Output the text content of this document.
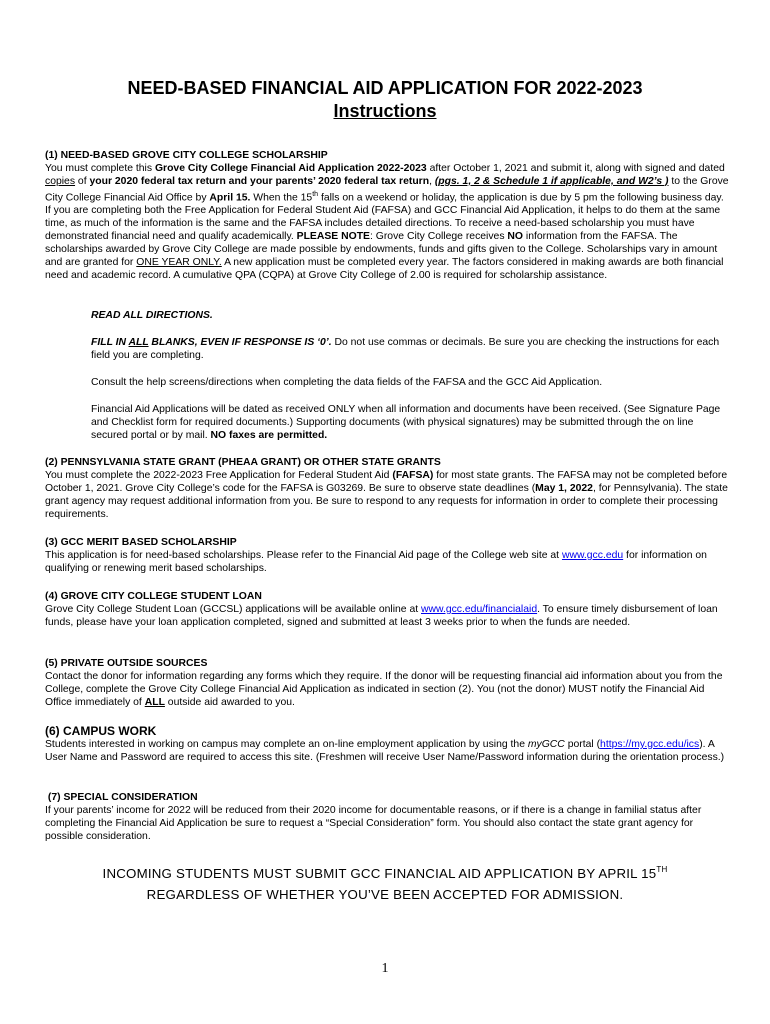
NEED-BASED FINANCIAL AID APPLICATION FOR 2022-2023
Instructions
(1) NEED-BASED GROVE CITY COLLEGE SCHOLARSHIP

You must complete this Grove City College Financial Aid Application 2022-2023 after October 1, 2021 and submit it, along with signed and dated copies of your 2020 federal tax return and your parents’ 2020 federal tax return, (pgs. 1, 2 & Schedule 1 if applicable, and W2’s ) to the Grove City College Financial Aid Office by April 15. When the 15th falls on a weekend or holiday, the application is due by 5 pm the following business day. If you are completing both the Free Application for Federal Student Aid (FAFSA) and GCC Financial Aid Application, it helps to do them at the same time, as much of the information is the same and the FAFSA includes detailed directions. To receive a need-based scholarship you must have demonstrated financial need and qualify academically. PLEASE NOTE: Grove City College receives NO information from the FAFSA. The scholarships awarded by Grove City College are made possible by endowments, funds and gifts given to the College. Scholarships vary in amount and are granted for ONE YEAR ONLY. A new application must be completed every year. The factors considered in making awards are both financial need and academic record. A cumulative QPA (CQPA) at Grove City College of 2.00 is required for scholarship assistance.

READ ALL DIRECTIONS.

FILL IN ALL BLANKS, EVEN IF RESPONSE IS ‘0’. Do not use commas or decimals. Be sure you are checking the instructions for each field you are completing.

Consult the help screens/directions when completing the data fields of the FAFSA and the GCC Aid Application.

Financial Aid Applications will be dated as received ONLY when all information and documents have been received. (See Signature Page and Checklist form for required documents.) Supporting documents (with physical signatures) may be submitted through the on line secured portal or by mail. NO faxes are permitted.

(2) PENNSYLVANIA STATE GRANT (PHEAA GRANT) OR OTHER STATE GRANTS

You must complete the 2022-2023 Free Application for Federal Student Aid (FAFSA) for most state grants. The FAFSA may not be completed before October 1, 2021. Grove City College’s code for the FAFSA is G03269. Be sure to observe state deadlines (May 1, 2022, for Pennsylvania). The state grant agency may request additional information from you. Be sure to respond to any requests for information in order to complete their processing requirements.

(3) GCC MERIT BASED SCHOLARSHIP

This application is for need-based scholarships. Please refer to the Financial Aid page of the College web site at www.gcc.edu for information on qualifying or renewing merit based scholarships.

(4) GROVE CITY COLLEGE STUDENT LOAN

Grove City College Student Loan (GCCSL) applications will be available online at www.gcc.edu/financialaid. To ensure timely disbursement of loan funds, please have your loan application completed, signed and submitted at least 3 weeks prior to when the funds are needed.

(5) PRIVATE OUTSIDE SOURCES

Contact the donor for information regarding any forms which they require. If the donor will be requesting financial aid information about you from the College, complete the Grove City College Financial Aid Application as indicated in section (2). You (not the donor) MUST notify the Financial Aid Office immediately of ALL outside aid awarded to you.

(6) CAMPUS WORK

Students interested in working on campus may complete an on-line employment application by using the myGCC portal (https://my.gcc.edu/ics). A User Name and Password are required to access this site. (Freshmen will receive User Name/Password information during the orientation process.)

(7) SPECIAL CONSIDERATION

If your parents’ income for 2022 will be reduced from their 2020 income for documentable reasons, or if there is a change in familial status after completing the Financial Aid Application be sure to request a “Special Consideration” form. You should also contact the state grant agency for possible consideration.

INCOMING STUDENTS MUST SUBMIT GCC FINANCIAL AID APPLICATION BY APRIL 15TH
REGARDLESS OF WHETHER YOU’VE BEEN ACCEPTED FOR ADMISSION.
1
